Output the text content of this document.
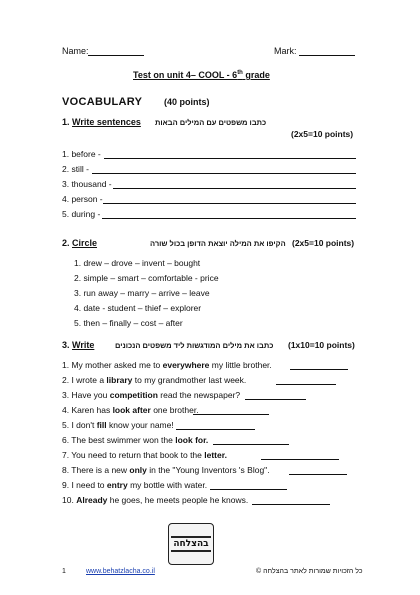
Name:	Mark:
Test on unit 4– COOL - 6th grade
VOCABULARY (40 points)
1. Write sentences כתבו משפטים עם המילים הבאות
(2x5=10 points)
1. before -
2. still -
3. thousand -
4. person -
5. during -
2. Circle	הקיפו את המילה יוצאת הדופן בכול שורה (2x5=10 points)
1. drew – drove – invent – bought
2. simple – smart – comfortable - price
3. run away – marry – arrive – leave
4. date - student – thief – explorer
5. then – finally – cost – after
3. Write	כתבו את מילים המודגשות ליד משפטים הנכונים (1x10=10 points)
1. My mother asked me to everywhere my little brother.
2. I wrote a library to my grandmother last week.
3. Have you competition read the newspaper?
4. Karen has look after one brother.
5. I don't fill know your name!
6. The best swimmer won the look for.
7. You need to return that book to the letter.
8. There is a new only in the "Young Inventors 's Blog".
9. I need to entry my bottle with water.
10. Already he goes, he meets people he knows.
בהצלחה
1	www.behatzlacha.co.il	כל הזכויות שמורות לאתר בהצלחה ©
